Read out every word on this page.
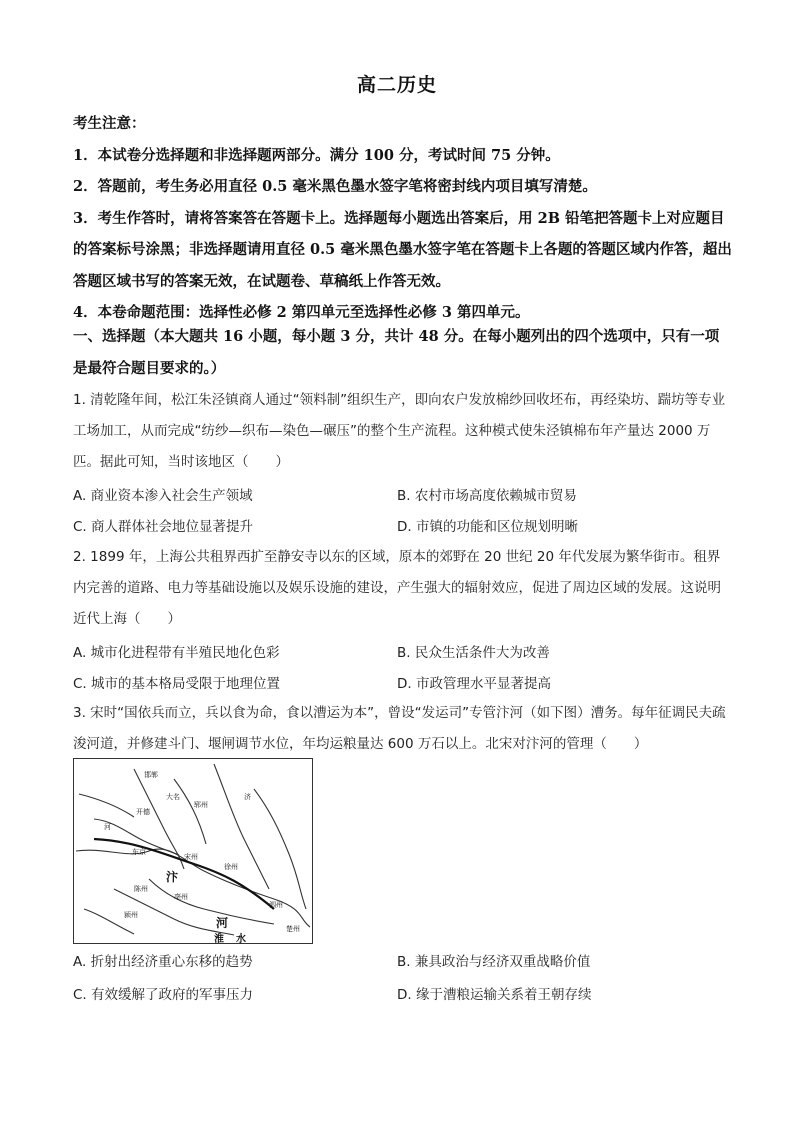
高二历史

考生注意：

1．本试卷分选择题和非选择题两部分。满分 100 分，考试时间 75 分钟。

2．答题前，考生务必用直径 0.5 毫米黑色墨水签字笔将密封线内项目填写清楚。

3．考生作答时，请将答案答在答题卡上。选择题每小题选出答案后，用 2B 铅笔把答题卡上对应题目的答案标号涂黑；非选择题请用直径 0.5 毫米黑色墨水签字笔在答题卡上各题的答题区域内作答，超出答题区域书写的答案无效，在试题卷、草稿纸上作答无效。

4．本卷命题范围：选择性必修 2 第四单元至选择性必修 3 第四单元。

一、选择题（本大题共 16 小题，每小题 3 分，共计 48 分。在每小题列出的四个选项中，只有一项是最符合题目要求的。）
1. 清乾隆年间，松江朱泾镇商人通过“领料制”组织生产，即向农户发放棉纱回收坯布，再经染坊、踹坊等专业工场加工，从而完成“纺纱—织布—染色—碾压”的整个生产流程。这种模式使朱泾镇棉布年产量达 2000 万匹。据此可知，当时该地区（　　）
A. 商业资本渗入社会生产领域	B. 农村市场高度依赖城市贸易
C. 商人群体社会地位显著提升	D. 市镇的功能和区位规划明晰
2. 1899 年，上海公共租界西扩至静安寺以东的区域，原本的郊野在 20 世纪 20 年代发展为繁华街市。租界内完善的道路、电力等基础设施以及娱乐设施的建设，产生强大的辐射效应，促进了周边区域的发展。这说明近代上海（　　）
A. 城市化进程带有半殖民地化色彩	B. 民众生活条件大为改善
C. 城市的基本格局受限于地理位置	D. 市政管理水平显著提高
3. 宋时“国依兵而立，兵以食为命，食以漕运为本”，曾设“发运司”专管汴河（如下图）漕务。每年征调民夫疏浚河道，并修建斗门、堰闸调节水位，年均运粮量达 600 万石以上。北宋对汴河的管理（　　）
邯郸
大名
开德
郓州
东京
汴
河
淮 水
宋州
陈州
颍州
亳州
泗州
楚州
徐州
济
河
A. 折射出经济重心东移的趋势	B. 兼具政治与经济双重战略价值
C. 有效缓解了政府的军事压力	D. 缘于漕粮运输关系着王朝存续
